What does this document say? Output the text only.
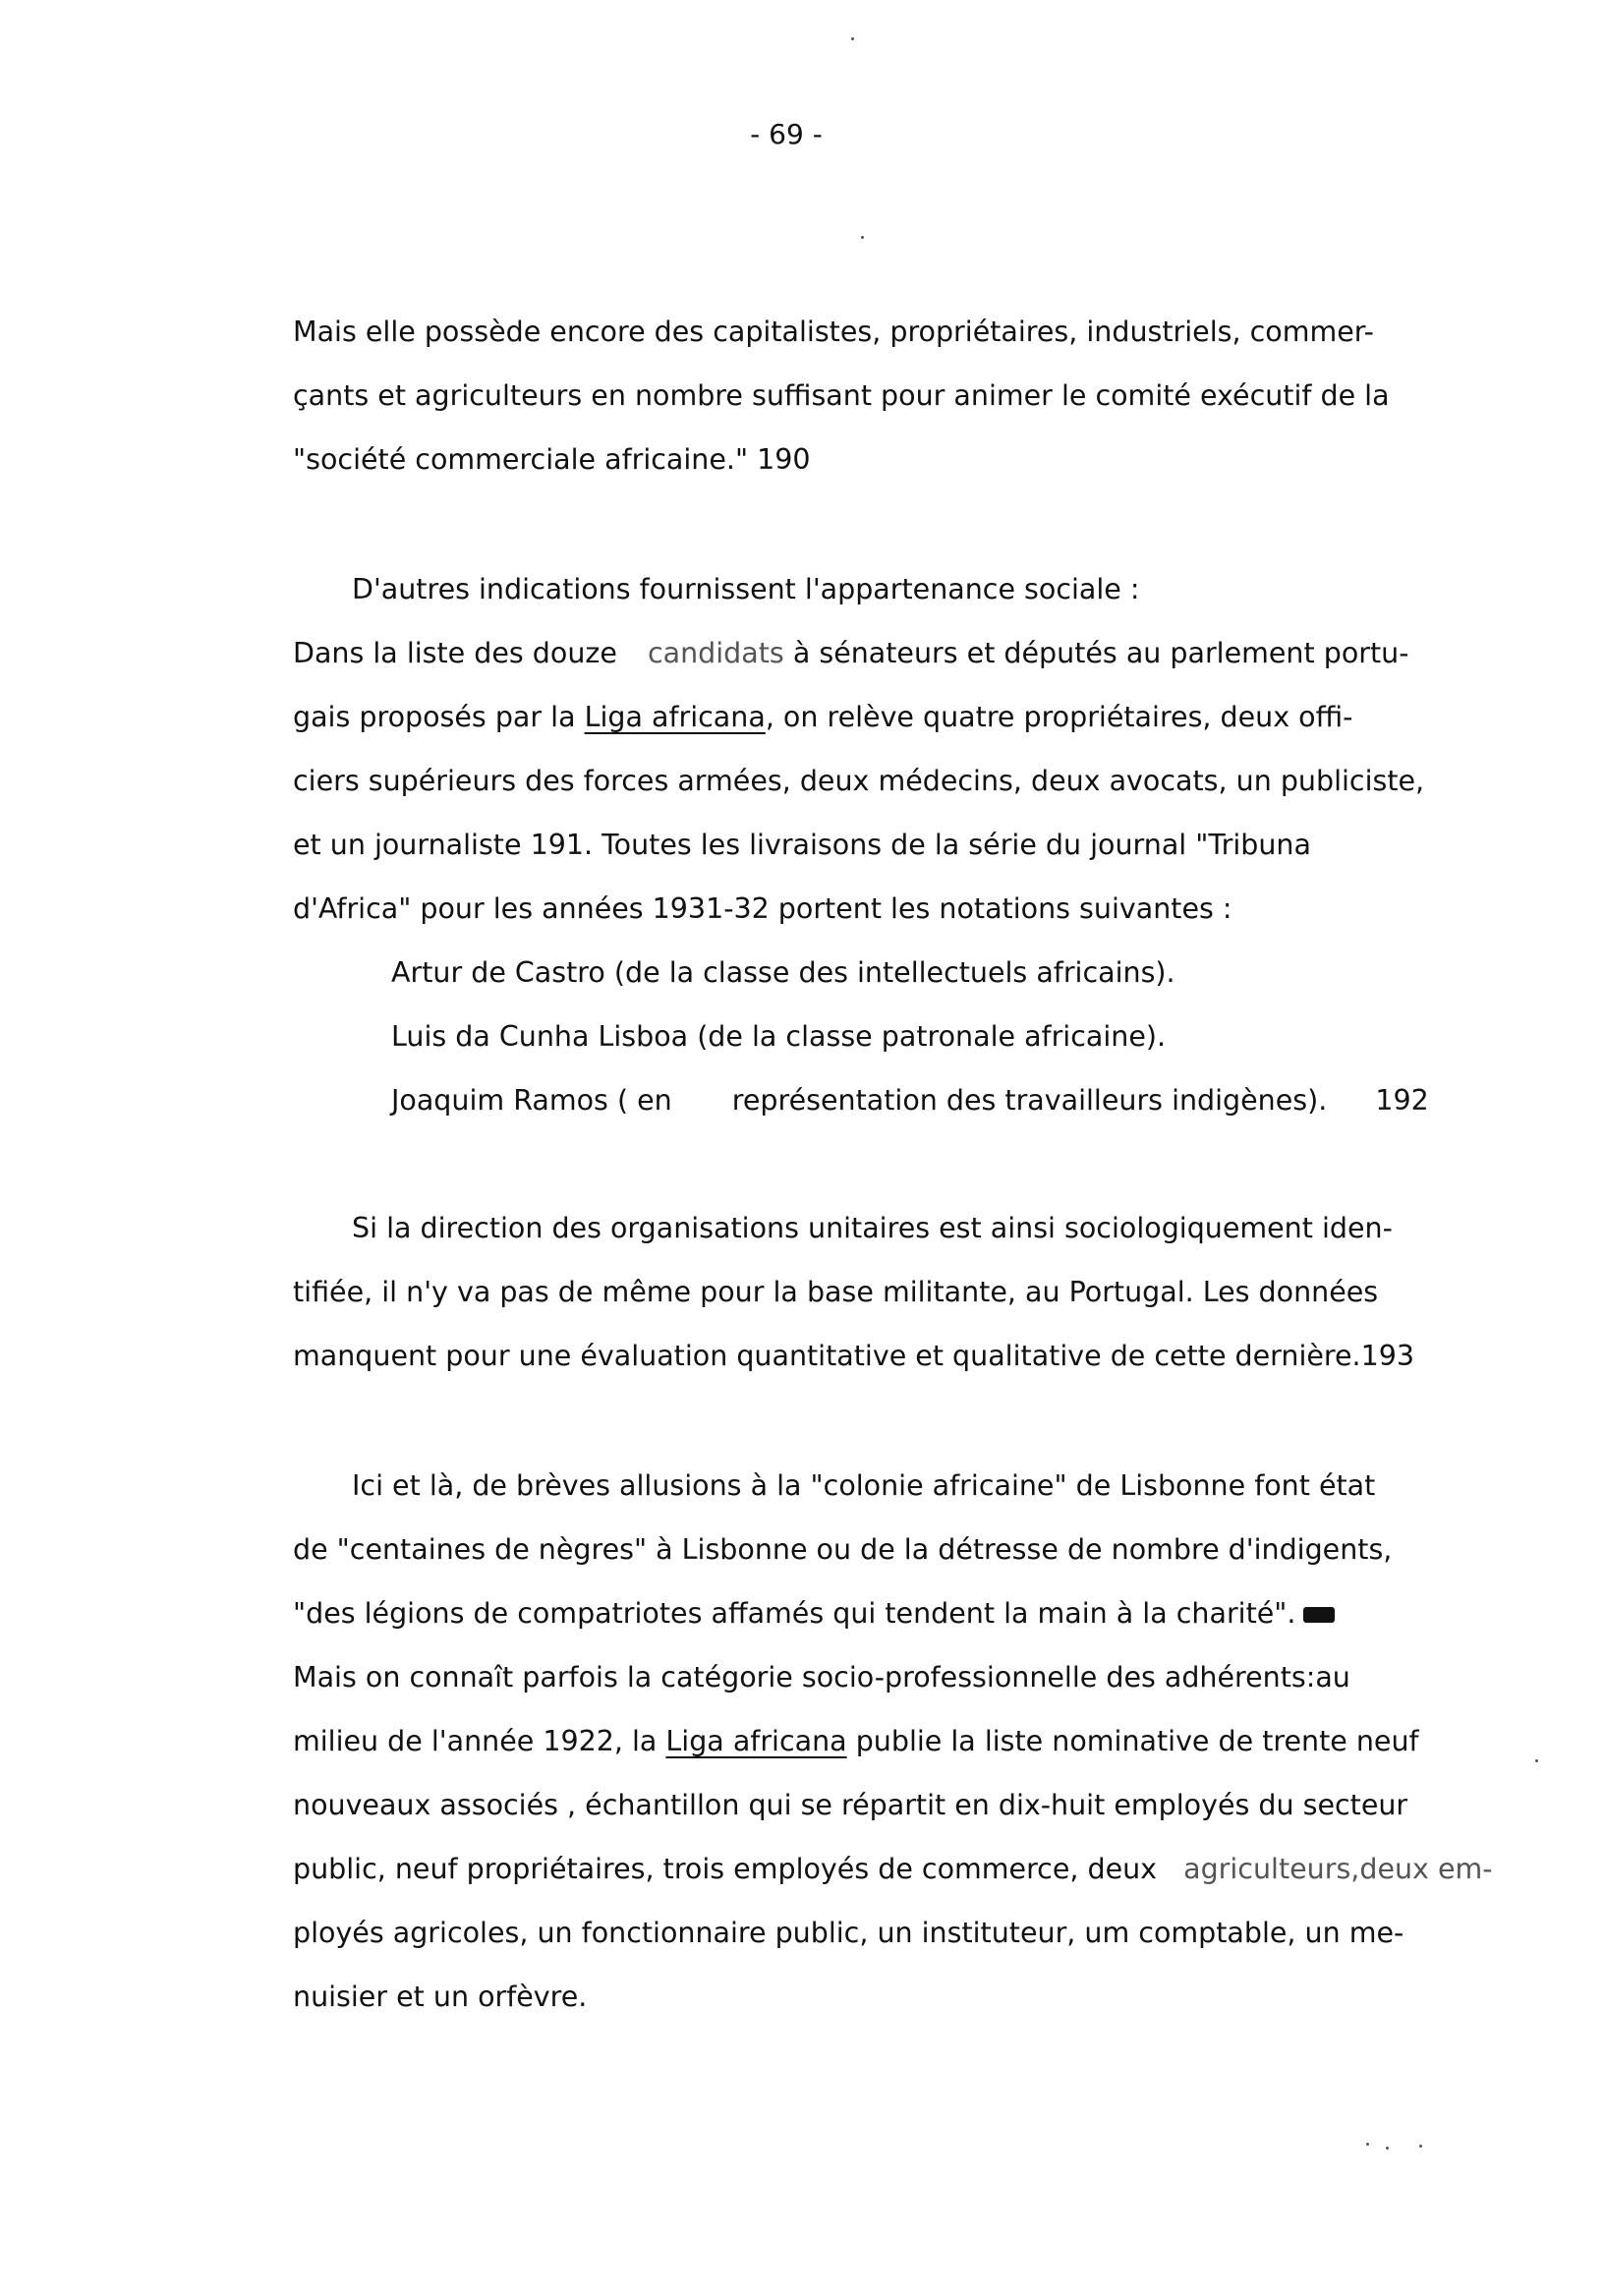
- 69 -
Mais elle possède encore des capitalistes, propriétaires, industriels, commer-
çants et agriculteurs en nombre suffisant pour animer le comité exécutif de la
"société commerciale africaine." 190
D'autres indications fournissent l'appartenance sociale :
Dans la liste des douze candidats à sénateurs et députés au parlement portu-
gais proposés par la Liga africana, on relève quatre propriétaires, deux offi-
ciers supérieurs des forces armées, deux médecins, deux avocats, un publiciste,
et un journaliste 191. Toutes les livraisons de la série du journal "Tribuna
d'Africa" pour les années 1931-32 portent les notations suivantes :
Artur de Castro (de la classe des intellectuels africains).
Luis da Cunha Lisboa (de la classe patronale africaine).
Joaquim Ramos ( en représentation des travailleurs indigènes). 192
Si la direction des organisations unitaires est ainsi sociologiquement iden-
tifiée, il n'y va pas de même pour la base militante, au Portugal. Les données
manquent pour une évaluation quantitative et qualitative de cette dernière.193
Ici et là, de brèves allusions à la "colonie africaine" de Lisbonne font état
de "centaines de nègres" à Lisbonne ou de la détresse de nombre d'indigents,
"des légions de compatriotes affamés qui tendent la main à la charité".
Mais on connaît parfois la catégorie socio-professionnelle des adhérents:au
milieu de l'année 1922, la Liga africana publie la liste nominative de trente neuf
nouveaux associés , échantillon qui se répartit en dix-huit employés du secteur
public, neuf propriétaires, trois employés de commerce, deux agriculteurs,deux em-
ployés agricoles, un fonctionnaire public, un instituteur, um comptable, un me-
nuisier et un orfèvre.
